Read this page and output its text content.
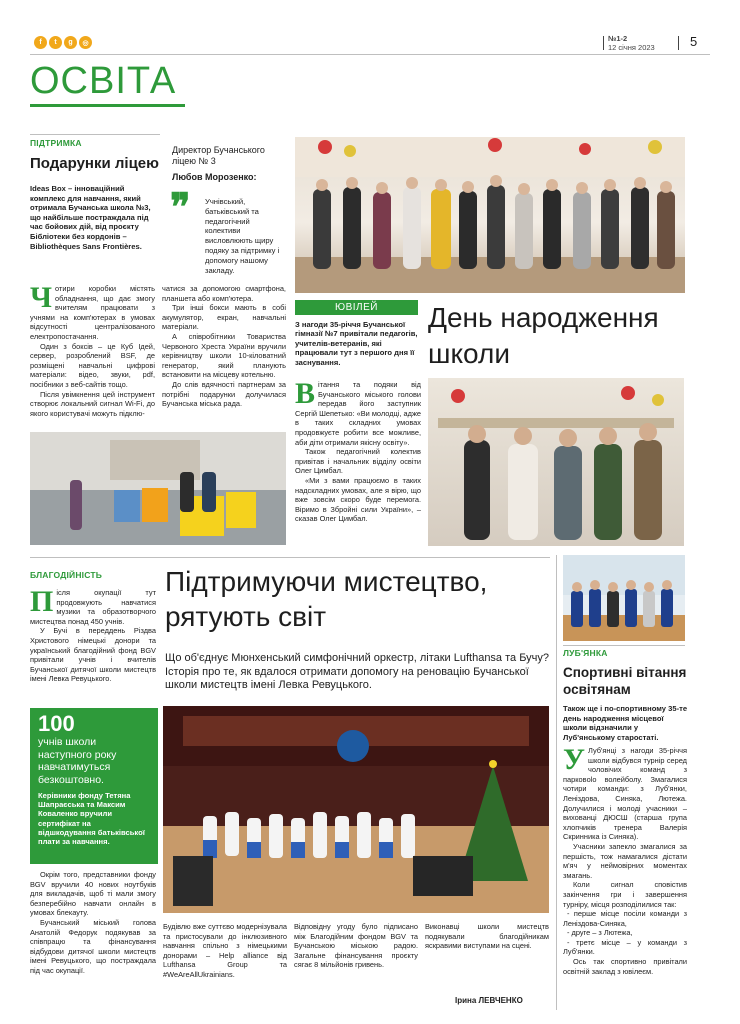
f	t	g	◎	№1-2
12 січня 2023	5
ОСВІТА
ПІДТРИМКА
Подарунки ліцею
Ideas Box – інноваційний комплекс для навчання, який отримала Бучанська школа №3, що найбільше постраждала під час бойових дій, від проєкту Бібліотеки без кордонів – Bibliothèques Sans Frontières.
Директор Бучанського ліцею № 3
Любов Морозенко:
❞ Учнівський, батьківський та педагогічний колективи висловлюють щиру подяку за підтримку і допомогу нашому закладу.

Чотири коробки містять обладнання, що дає змогу вчителям працювати з учнями на комп'ютерах в умовах відсутності централізованого електропостачання.

Один з боксів – це Куб Ідей, сервер, розроблений BSF, де розміщені навчальні цифрові матеріали: відео, звуки, pdf, посібники з веб-сайтів тощо.

Після увімкнення цей інструмент створює локальний сигнал Wi-Fi, до якого користувачі можуть підклю-

чатися за допомогою смартфона, планшета або комп'ютера.

Три інші бокси мають в собі акумулятор, екран, навчальні матеріали.

А співробітники Товариства Червоного Хреста України вручили керівництву школи 10-кіловатний генератор, який планують встановити на місцеву котельню.

До слів вдячності партнерам за потрібні подарунки долучилася Бучанська міська рада.

ЮВІЛЕЙ	День народження школи
З нагоди 35-річчя Бучанської гімназії №7 привітали педагогів, учителів-ветеранів, які працювали тут з першого дня її заснування.

Вітання та подяки від Бучанського міського голови передав його заступник Сергій Шепетько: «Ви молодці, адже в таких складних умовах продовжуєте робити все можливе, аби діти отримали якісну освіту».

Також педагогічний колектив привітав і начальник відділу освіти Олег Цимбал.

«Ми з вами працюємо в таких надскладних умовах, але я вірю, що вже зовсім скоро буде перемога. Віримо в Збройні сили України», – сказав Олег Цимбал.

БЛАГОДІЙНІСТЬ Підтримуючи мистецтво,
рятують світ
Що об'єднує Мюнхенський симфонічний оркестр, літаки Lufthansa та Бучу? Історія про те, як вдалося отримати допомогу на реновацію Бучанської школи мистецтв імені Левка Ревуцького.

Після окупації тут продовжують навчатися музики та образотворчого мистецтва понад 450 учнів.

У Бучі в переддень Різдва Христового німецькі донори та український благодійний фонд BGV привітали учнів і вчителів Бучанської дитячої школи мистецтв імені Левка Ревуцького.

100
учнів школи наступного року навчатимуться безкоштовно.
Керівники фонду Тетяна Шапраєська та Максим Коваленко вручили сертифікат на відшкодування батьківської плати за навчання.

Окрім того, представники фонду BGV вручили 40 нових ноутбуків для викладачів, щоб ті мали змогу безперебійно навчати онлайн в умовах блекауту.

Бучанський міський голова Анатолій Федорук подякував за співпрацю та фінансування відбудови дитячої школи мистецтв імені Ревуцького, що постраждала під час окупації.

Будівлю вже суттєво модернізувала та пристосували до інклюзивного навчання спільно з німецькими донорами – Help alliance від Lufthansa Group та #WeAreAllUkrainians.
Відповідну угоду було підписано між Благодійним фондом BGV та Бучанською міською радою. Загальне фінансування проєкту сягає 8 мільйонів гривень.
Виконавці школи мистецтв подякували благодійникам яскравими виступами на сцені.
Ірина ЛЕВЧЕНКО
ЛУБ'ЯНКА
Спортивні вітання освітянам
Також ще і по-спортивному 35-те день народження місцевої школи відзначили у Луб'янському старостаті.

У Луб'янці з нагоди 35-річчя школи відбувся турнір серед чоловічих команд з парковolo волейболу. Змагалися чотири команди: з Луб'янки, Леніздова, Синяка, Лютежа. Долучилися і молоді учасники – вихованці ДЮСШ (старша група хлопчиків тренера Валерія Скринника із Синяка).

Учасники запекло змагалися за першість, тож намагалися дістати м'яч у неймовірних моментах змагань.

Коли сигнал сповістив закінчення гри і завершення турніру, місця розподілилися так:

- перше місце посіли команди з Леніздова-Синяка,

- друге – з Лютежа,

- третє місце – у команди з Луб'янки.

Ось так спортивно привітали освітній заклад з ювілеєм.
